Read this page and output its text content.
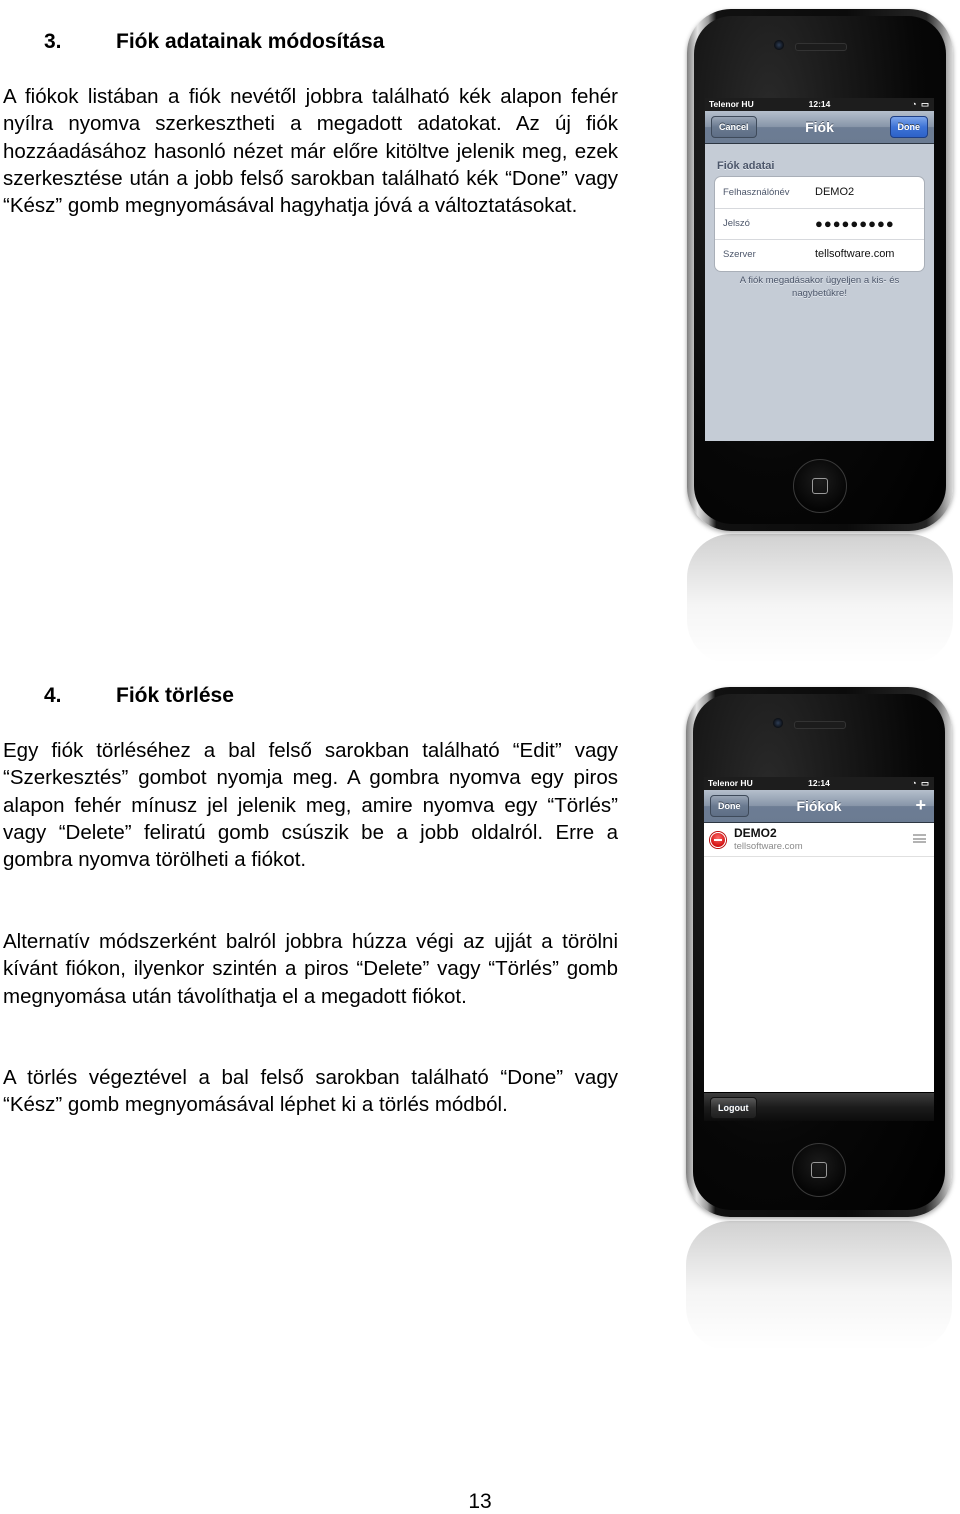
3.	Fiók adatainak módosítása

A fiókok listában a fiók nevétől jobbra található kék alapon fehér nyílra nyomva szerkesztheti a megadott adatokat. Az új fiók hozzáadásához hasonló nézet már előre kitöltve jelenik meg, ezek szerkesztése után a jobb felső sarokban található kék “Done” vagy “Kész” gomb megnyomásával hagyhatja jóvá a változtatásokat.

Telenor HU	12:14	◔ ▭
Cancel	Fiók	Done
Fiók adatai
Felhasználónév DEMO2
Jelszó	●●●●●●●●●
Szerver	tellsoftware.com
A fiók megadásakor ügyeljen a kis- és nagybetűkre!
4.	Fiók törlése

Egy fiók törléséhez a bal felső sarokban található “Edit” vagy “Szerkesztés” gombot nyomja meg. A gombra nyomva egy piros alapon fehér mínusz jel jelenik meg, amire nyomva egy “Törlés” vagy “Delete” feliratú gomb csúszik be a jobb oldalról. Erre a gombra nyomva törölheti a fiókot.

Alternatív módszerként balról jobbra húzza végi az ujját a törölni kívánt fiókon, ilyenkor szintén a piros “Delete” vagy “Törlés” gomb megnyomása után távolíthatja el a megadott fiókot.

A törlés végeztével a bal felső sarokban található “Done” vagy “Kész” gomb megnyomásával léphet ki a törlés módból.

Telenor HU	12:14	◔ ▭
Done	Fiókok	+
DEMO2
tellsoftware.com
Logout
13
